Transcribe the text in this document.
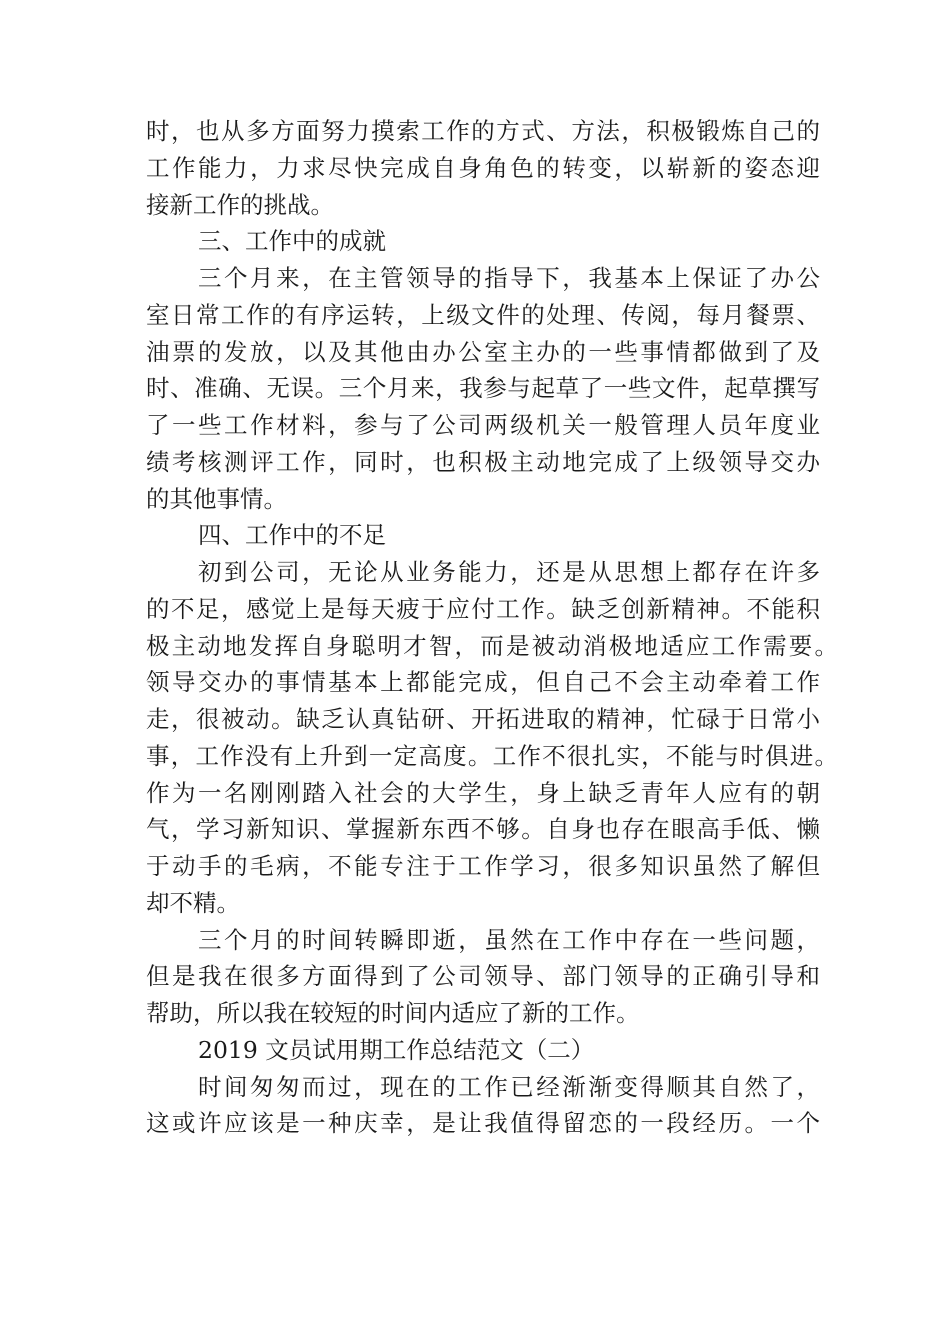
时，也从多方面努力摸索工作的方式、方法，积极锻炼自己的
工作能力，力求尽快完成自身角色的转变，以崭新的姿态迎
接新工作的挑战。
三、工作中的成就
三个月来，在主管领导的指导下，我基本上保证了办公
室日常工作的有序运转，上级文件的处理、传阅，每月餐票、
油票的发放，以及其他由办公室主办的一些事情都做到了及
时、准确、无误。三个月来，我参与起草了一些文件，起草撰写
了一些工作材料，参与了公司两级机关一般管理人员年度业
绩考核测评工作，同时，也积极主动地完成了上级领导交办
的其他事情。
四、工作中的不足
初到公司，无论从业务能力，还是从思想上都存在许多
的不足，感觉上是每天疲于应付工作。缺乏创新精神。不能积
极主动地发挥自身聪明才智，而是被动消极地适应工作需要。
领导交办的事情基本上都能完成，但自己不会主动牵着工作
走，很被动。缺乏认真钻研、开拓进取的精神，忙碌于日常小
事，工作没有上升到一定高度。工作不很扎实，不能与时俱进。
作为一名刚刚踏入社会的大学生，身上缺乏青年人应有的朝
气，学习新知识、掌握新东西不够。自身也存在眼高手低、懒
于动手的毛病，不能专注于工作学习，很多知识虽然了解但
却不精。
三个月的时间转瞬即逝，虽然在工作中存在一些问题，
但是我在很多方面得到了公司领导、部门领导的正确引导和
帮助，所以我在较短的时间内适应了新的工作。
2019 文员试用期工作总结范文（二）
时间匆匆而过，现在的工作已经渐渐变得顺其自然了，
这或许应该是一种庆幸，是让我值得留恋的一段经历。一个
